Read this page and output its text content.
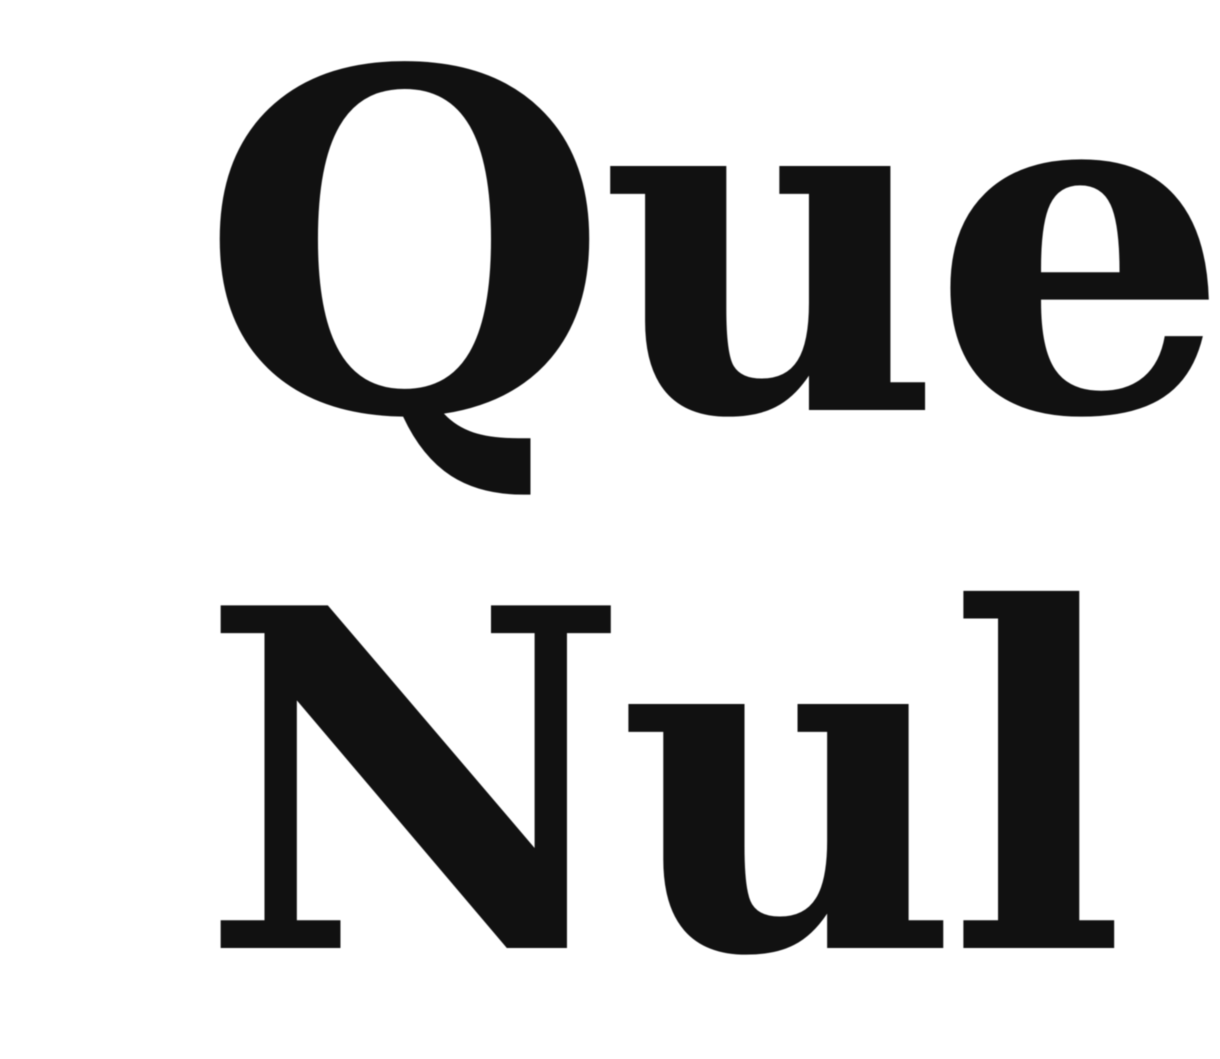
Que
Nul
